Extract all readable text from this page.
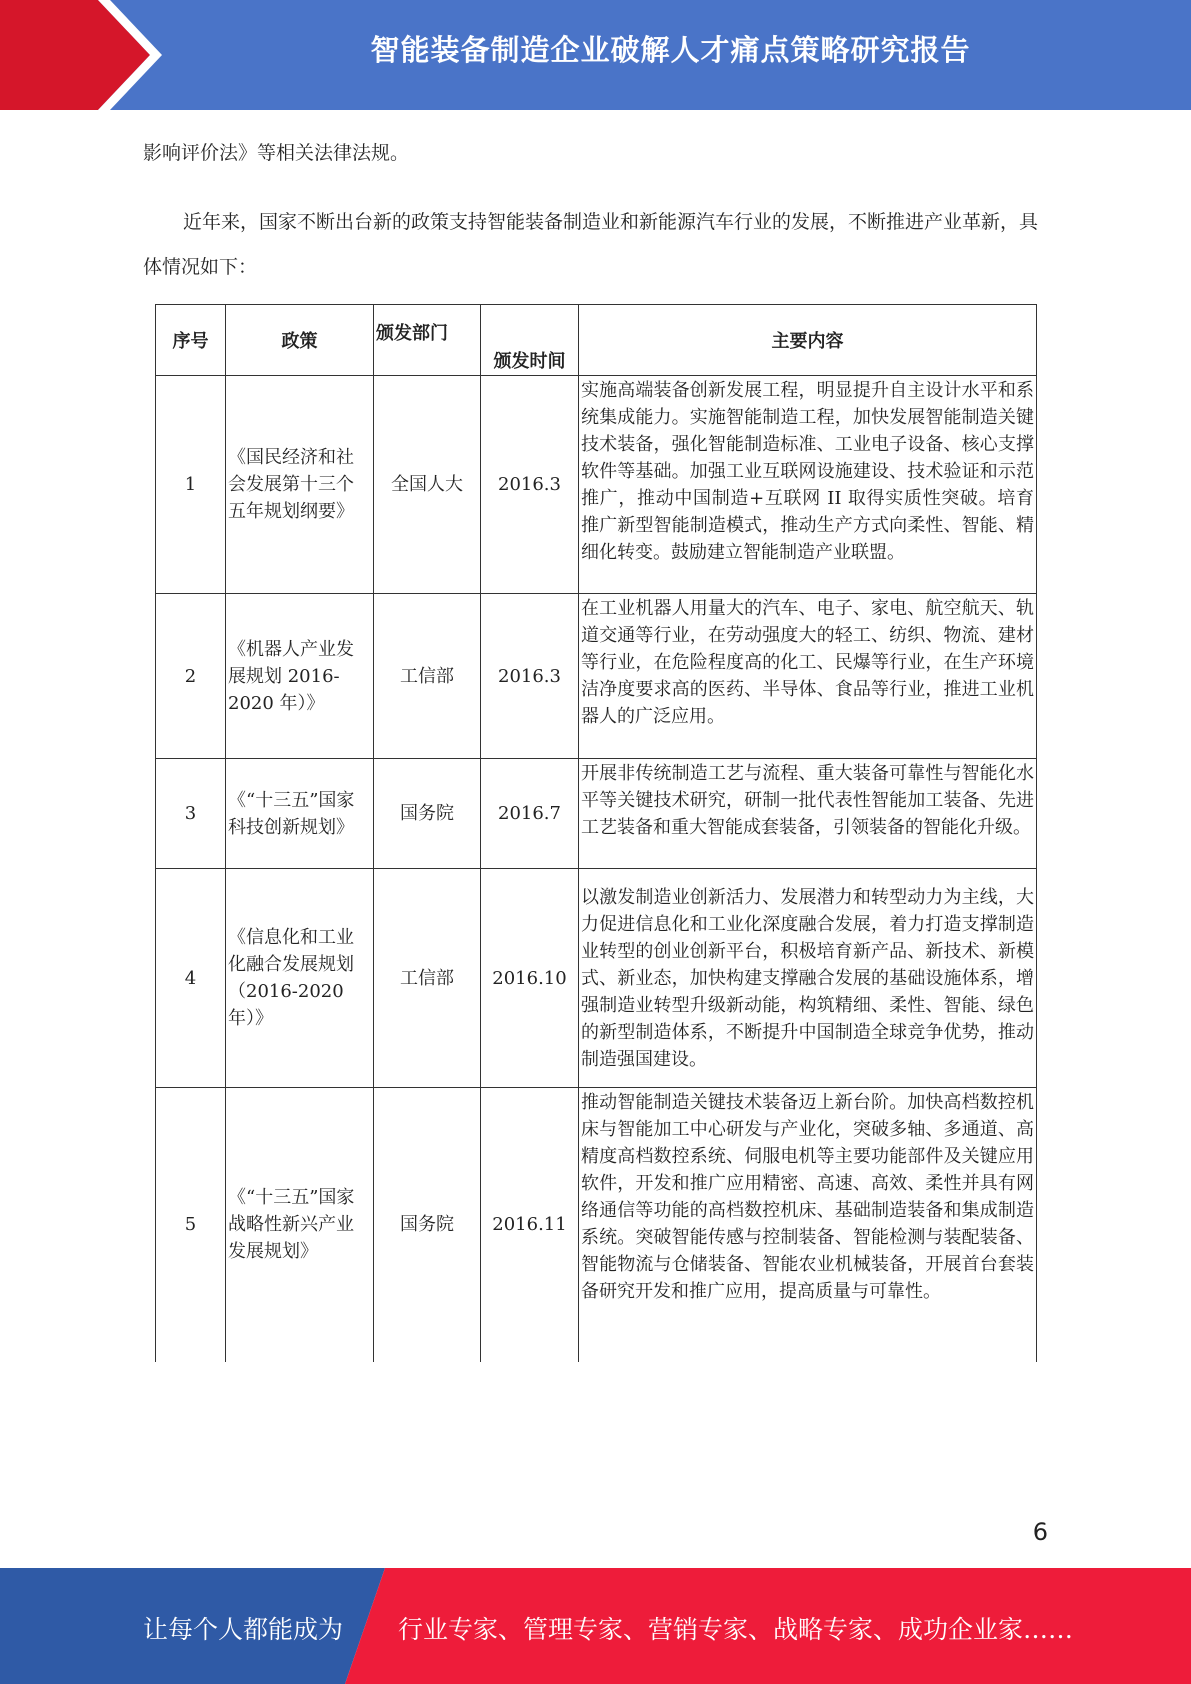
智能装备制造企业破解人才痛点策略研究报告

影响评价法》等相关法律法规。

近年来，国家不断出台新的政策支持智能装备制造业和新能源汽车行业的发展，不断推进产业革新，具体情况如下：

序号	政策	颁发部门	颁发时间	主要内容
1	《国民经济和社会发展第十三个五年规划纲要》	全国人大	2016.3	实施高端装备创新发展工程，明显提升自主设计水平和系统集成能力。实施智能制造工程，加快发展智能制造关键技术装备，强化智能制造标准、工业电子设备、核心支撑软件等基础。加强工业互联网设施建设、技术验证和示范推广，推动中国制造+互联网 II 取得实质性突破。培育推广新型智能制造模式，推动生产方式向柔性、智能、精细化转变。鼓励建立智能制造产业联盟。
2	《机器人产业发展规划 2016-2020 年）》	工信部	2016.3	在工业机器人用量大的汽车、电子、家电、航空航天、轨道交通等行业，在劳动强度大的轻工、纺织、物流、建材等行业，在危险程度高的化工、民爆等行业，在生产环境洁净度要求高的医药、半导体、食品等行业，推进工业机器人的广泛应用。
3	《“十三五”国家科技创新规划》	国务院	2016.7	开展非传统制造工艺与流程、重大装备可靠性与智能化水平等关键技术研究，研制一批代表性智能加工装备、先进工艺装备和重大智能成套装备，引领装备的智能化升级。
4	《信息化和工业化融合发展规划（2016-2020 年）》	工信部	2016.10	以激发制造业创新活力、发展潜力和转型动力为主线，大力促进信息化和工业化深度融合发展，着力打造支撑制造业转型的创业创新平台，积极培育新产品、新技术、新模式、新业态，加快构建支撑融合发展的基础设施体系，增强制造业转型升级新动能，构筑精细、柔性、智能、绿色的新型制造体系，不断提升中国制造全球竞争优势，推动制造强国建设。
5	《“十三五”国家战略性新兴产业发展规划》	国务院	2016.11	推动智能制造关键技术装备迈上新台阶。加快高档数控机床与智能加工中心研发与产业化，突破多轴、多通道、高精度高档数控系统、伺服电机等主要功能部件及关键应用软件，开发和推广应用精密、高速、高效、柔性并具有网络通信等功能的高档数控机床、基础制造装备和集成制造系统。突破智能传感与控制装备、智能检测与装配装备、智能物流与仓储装备、智能农业机械装备，开展首台套装备研究开发和推广应用，提高质量与可靠性。
6
让每个人都能成为 行业专家、管理专家、营销专家、战略专家、成功企业家……
